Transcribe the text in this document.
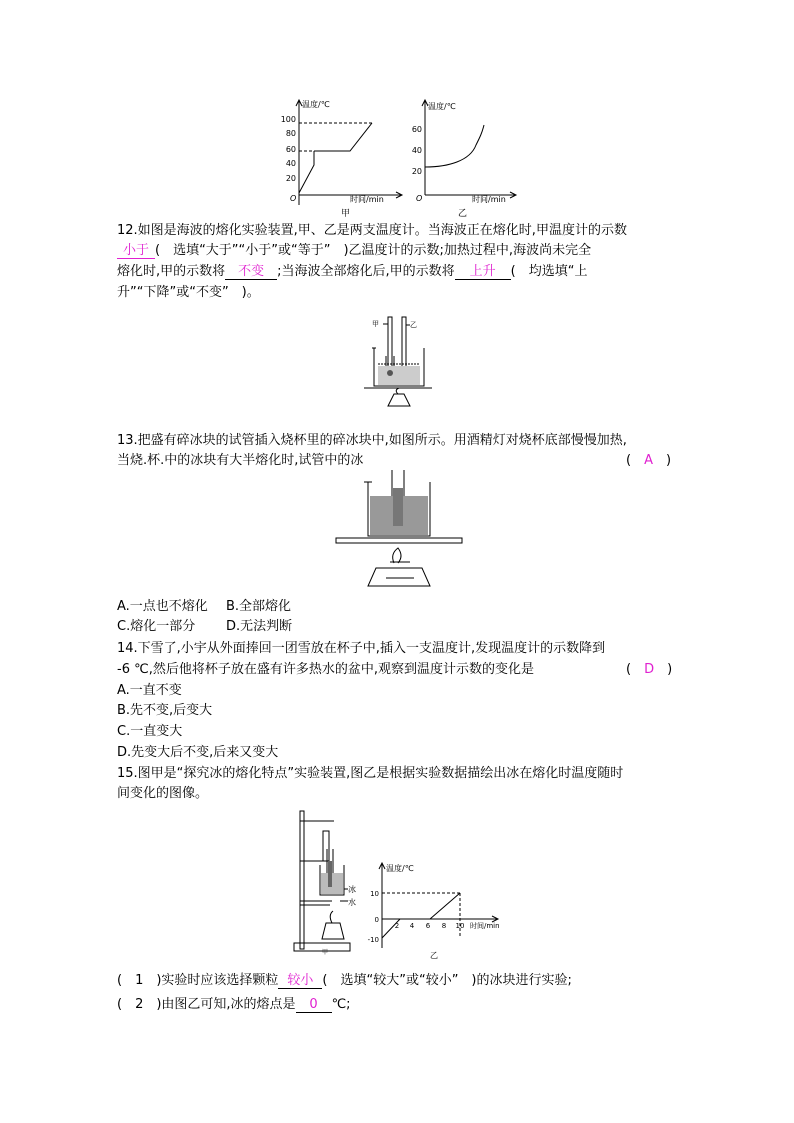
温度/℃
100
80
60
40
20
O	时间/min
甲
温度/℃
60
40
20
O	时间/min
乙
12.如图是海波的熔化实验装置,甲、乙是两支温度计。当海波正在熔化时,甲温度计的示数
小于 (　选填“大于”“小于”或“等于”　)乙温度计的示数;加热过程中,海波尚未完全
熔化时,甲的示数将 不变 ;当海波全部熔化后,甲的示数将 上升 (　均选填“上
升”“下降”或“不变”　)。
甲	乙
13.把盛有碎冰块的试管插入烧杯里的碎冰块中,如图所示。用酒精灯对烧杯底部慢慢加热,
当烧.杯.中的冰块有大半熔化时,试管中的冰	(　 A　 )
A.一点也不熔化 B.全部熔化
C.熔化一部分 D.无法判断
14.下雪了,小宇从外面捧回一团雪放在杯子中,插入一支温度计,发现温度计的示数降到
-6 ℃,然后他将杯子放在盛有许多热水的盆中,观察到温度计示数的变化是	(　 D　 )
A.一直不变
B.先不变,后变大
C.一直变大
D.先变大后不变,后来又变大
15.图甲是“探究冰的熔化特点”实验装置,图乙是根据实验数据描绘出冰在熔化时温度随时
间变化的图像。
冰
水
甲
温度/℃
10
0
-10
2 4 6 8 10 时间/min
乙
(　1　)实验时应该选择颗粒 较小 (　选填“较大”或“较小”　)的冰块进行实验;
(　2　)由图乙可知,冰的熔点是 0 ℃;
